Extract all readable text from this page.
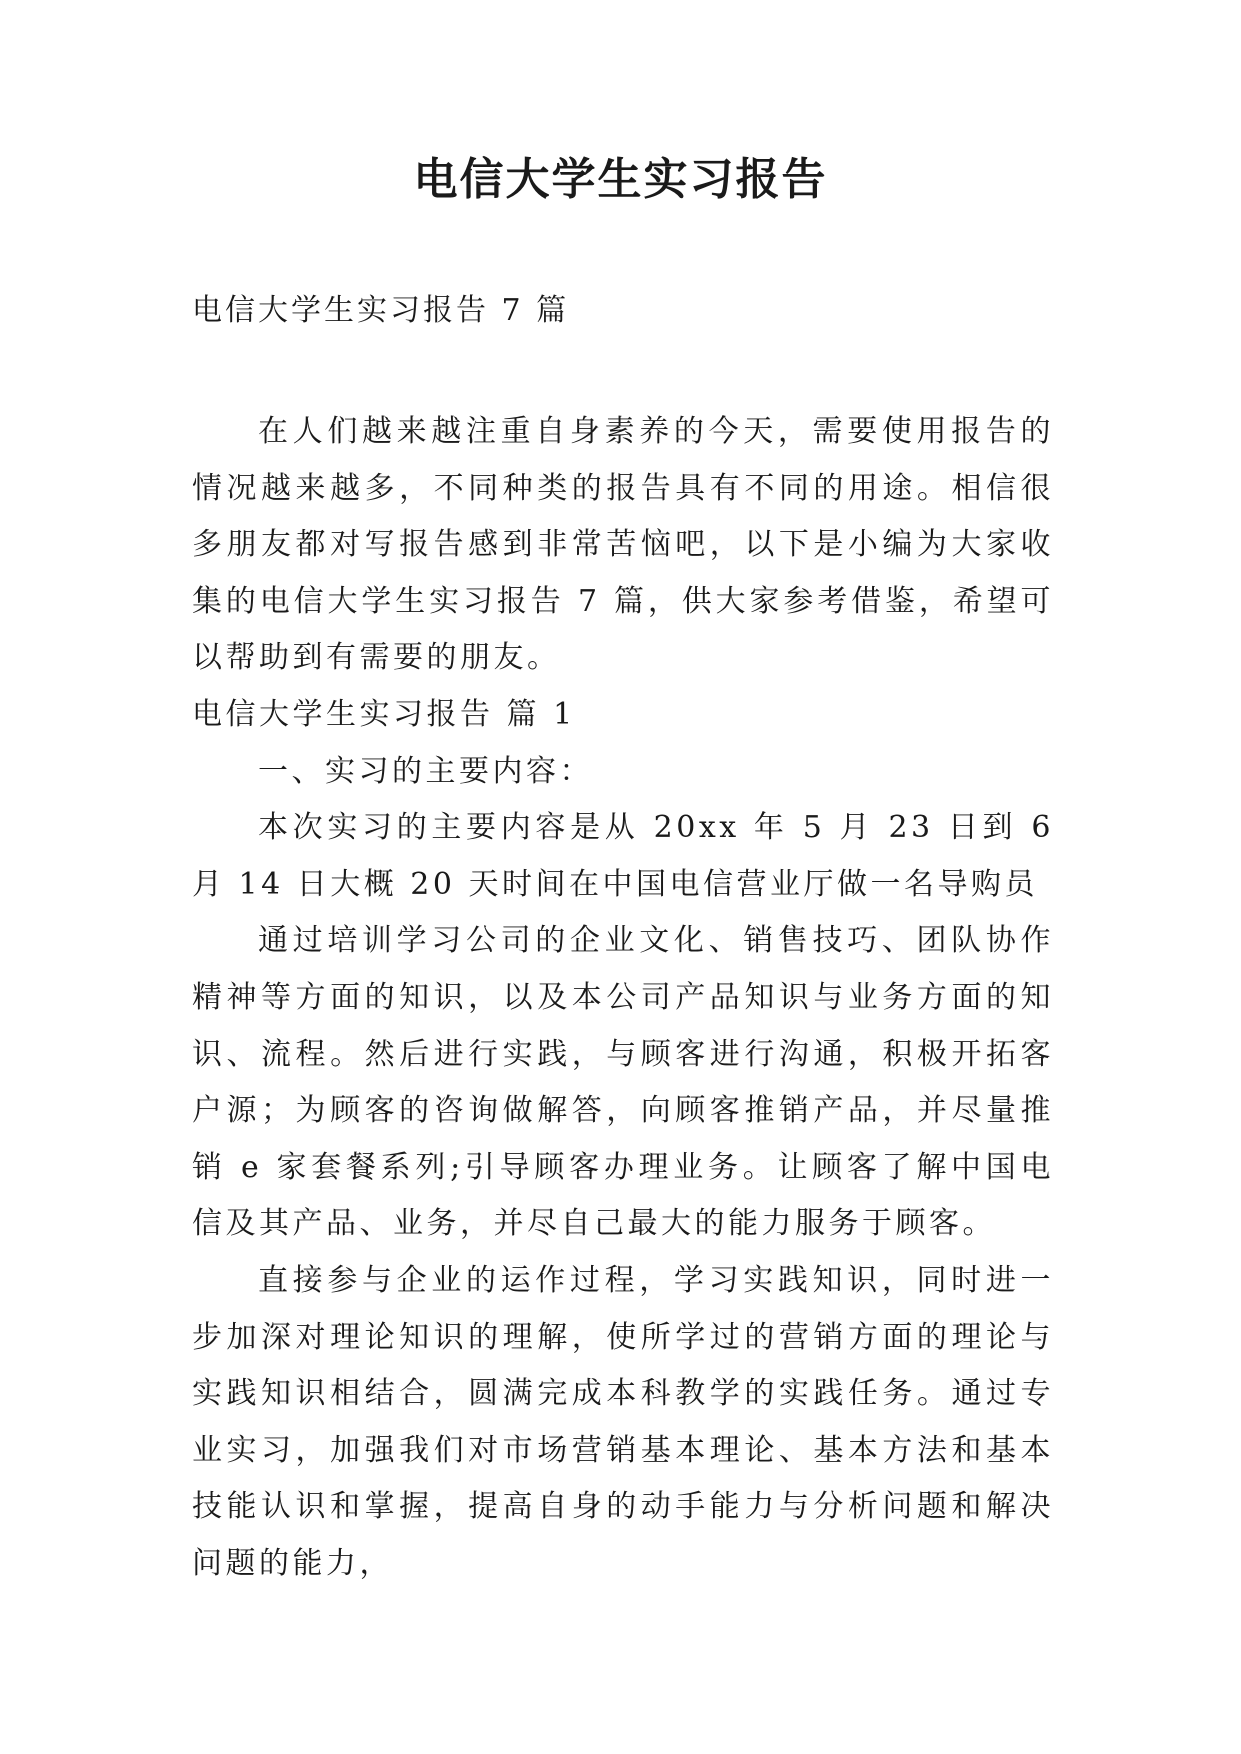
电信大学生实习报告

电信大学生实习报告 7 篇

在人们越来越注重自身素养的今天，需要使用报告的情况越来越多，不同种类的报告具有不同的用途。相信很多朋友都对写报告感到非常苦恼吧，以下是小编为大家收集的电信大学生实习报告 7 篇，供大家参考借鉴，希望可以帮助到有需要的朋友。

电信大学生实习报告 篇 1

一、实习的主要内容：

本次实习的主要内容是从 20xx 年 5 月 23 日到 6 月 14 日大概 20 天时间在中国电信营业厅做一名导购员

通过培训学习公司的企业文化、销售技巧、团队协作精神等方面的知识，以及本公司产品知识与业务方面的知识、流程。然后进行实践，与顾客进行沟通，积极开拓客户源；为顾客的咨询做解答，向顾客推销产品，并尽量推销 e 家套餐系列;引导顾客办理业务。让顾客了解中国电信及其产品、业务，并尽自己最大的能力服务于顾客。

直接参与企业的运作过程，学习实践知识，同时进一步加深对理论知识的理解，使所学过的营销方面的理论与实践知识相结合，圆满完成本科教学的实践任务。通过专业实习，加强我们对市场营销基本理论、基本方法和基本技能认识和掌握，提高自身的动手能力与分析问题和解决问题的能力，
